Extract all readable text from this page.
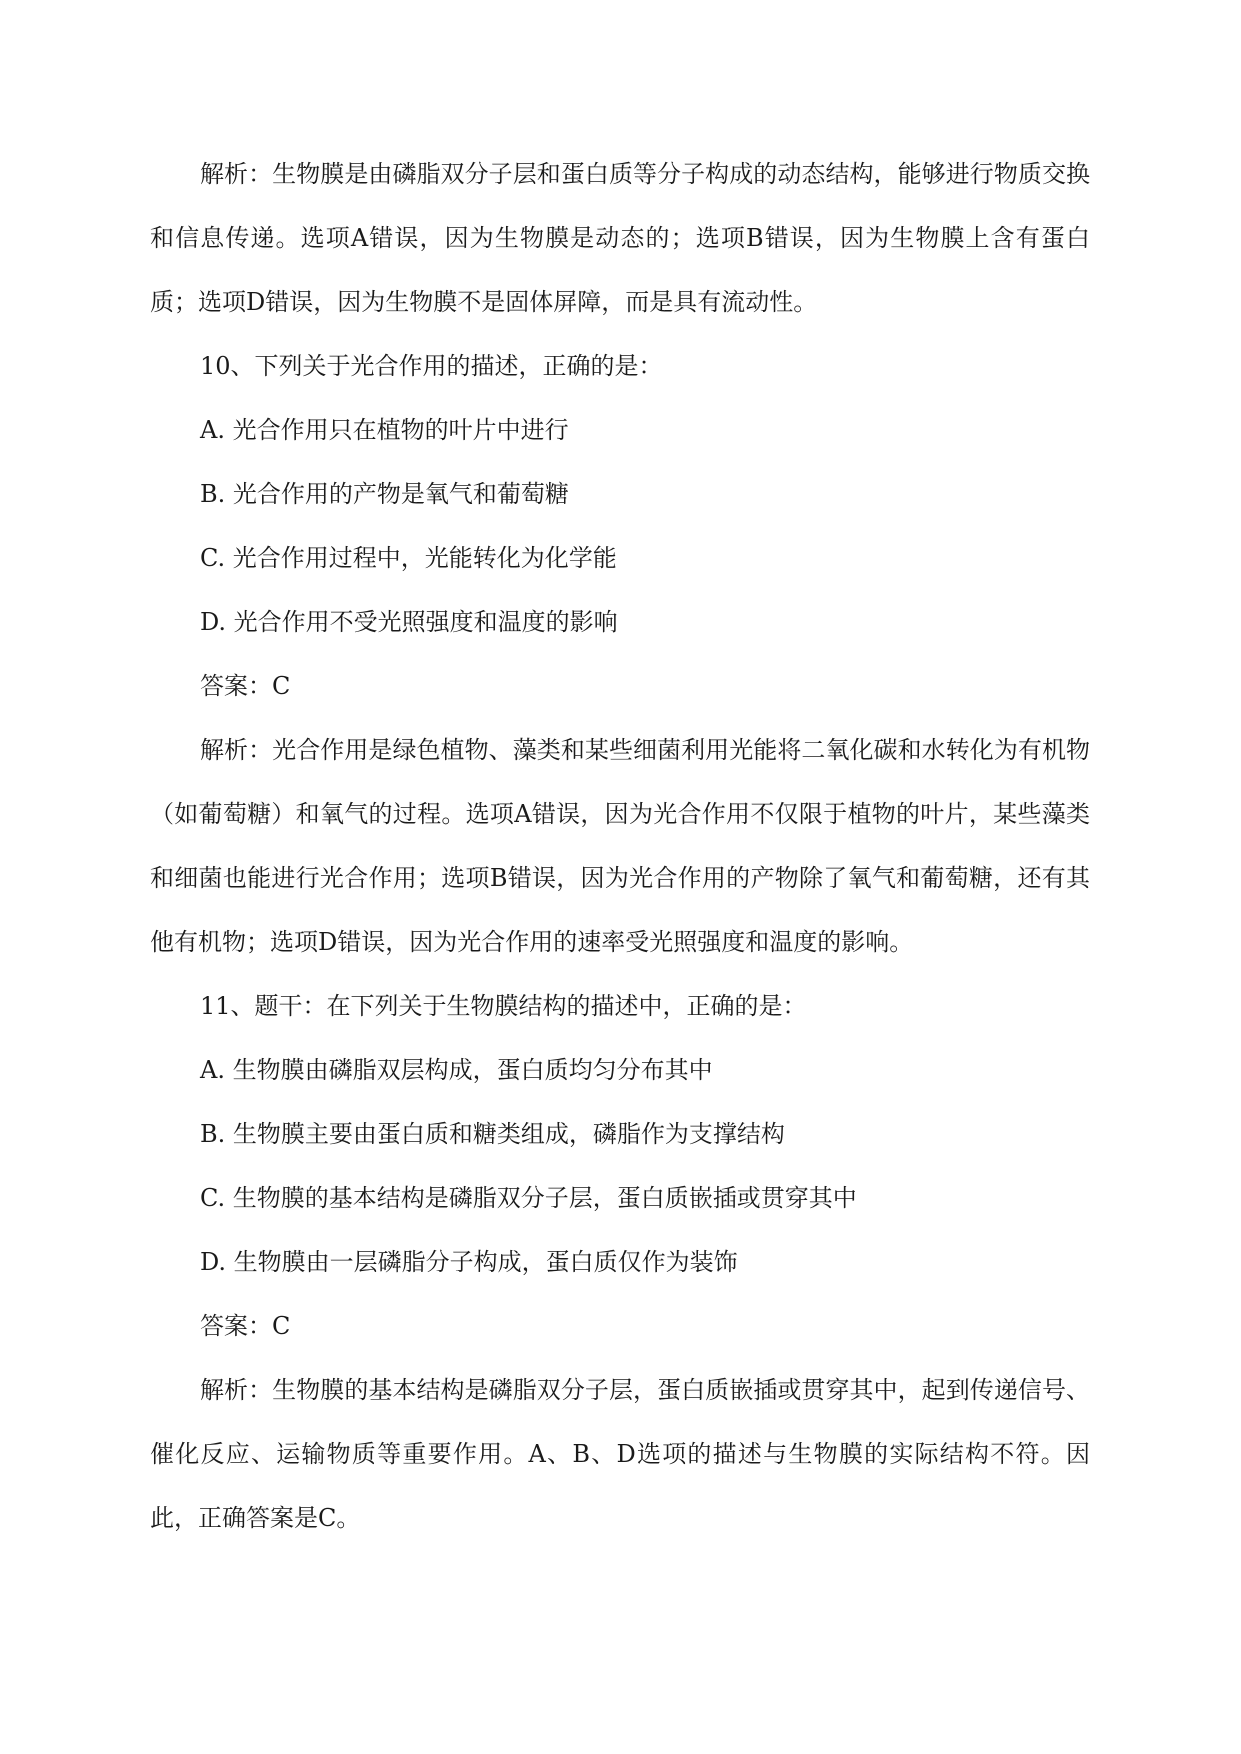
解析：生物膜是由磷脂双分子层和蛋白质等分子构成的动态结构，能够进行物质交换和信息传递。选项A错误，因为生物膜是动态的；选项B错误，因为生物膜上含有蛋白质；选项D错误，因为生物膜不是固体屏障，而是具有流动性。

10、下列关于光合作用的描述，正确的是：

A. 光合作用只在植物的叶片中进行

B. 光合作用的产物是氧气和葡萄糖

C. 光合作用过程中，光能转化为化学能

D. 光合作用不受光照强度和温度的影响

答案：C

解析：光合作用是绿色植物、藻类和某些细菌利用光能将二氧化碳和水转化为有机物（如葡萄糖）和氧气的过程。选项A错误，因为光合作用不仅限于植物的叶片，某些藻类和细菌也能进行光合作用；选项B错误，因为光合作用的产物除了氧气和葡萄糖，还有其他有机物；选项D错误，因为光合作用的速率受光照强度和温度的影响。

11、题干：在下列关于生物膜结构的描述中，正确的是：

A. 生物膜由磷脂双层构成，蛋白质均匀分布其中

B. 生物膜主要由蛋白质和糖类组成，磷脂作为支撑结构

C. 生物膜的基本结构是磷脂双分子层，蛋白质嵌插或贯穿其中

D. 生物膜由一层磷脂分子构成，蛋白质仅作为装饰

答案：C

解析：生物膜的基本结构是磷脂双分子层，蛋白质嵌插或贯穿其中，起到传递信号、催化反应、运输物质等重要作用。A、B、D选项的描述与生物膜的实际结构不符。因此，正确答案是C。
